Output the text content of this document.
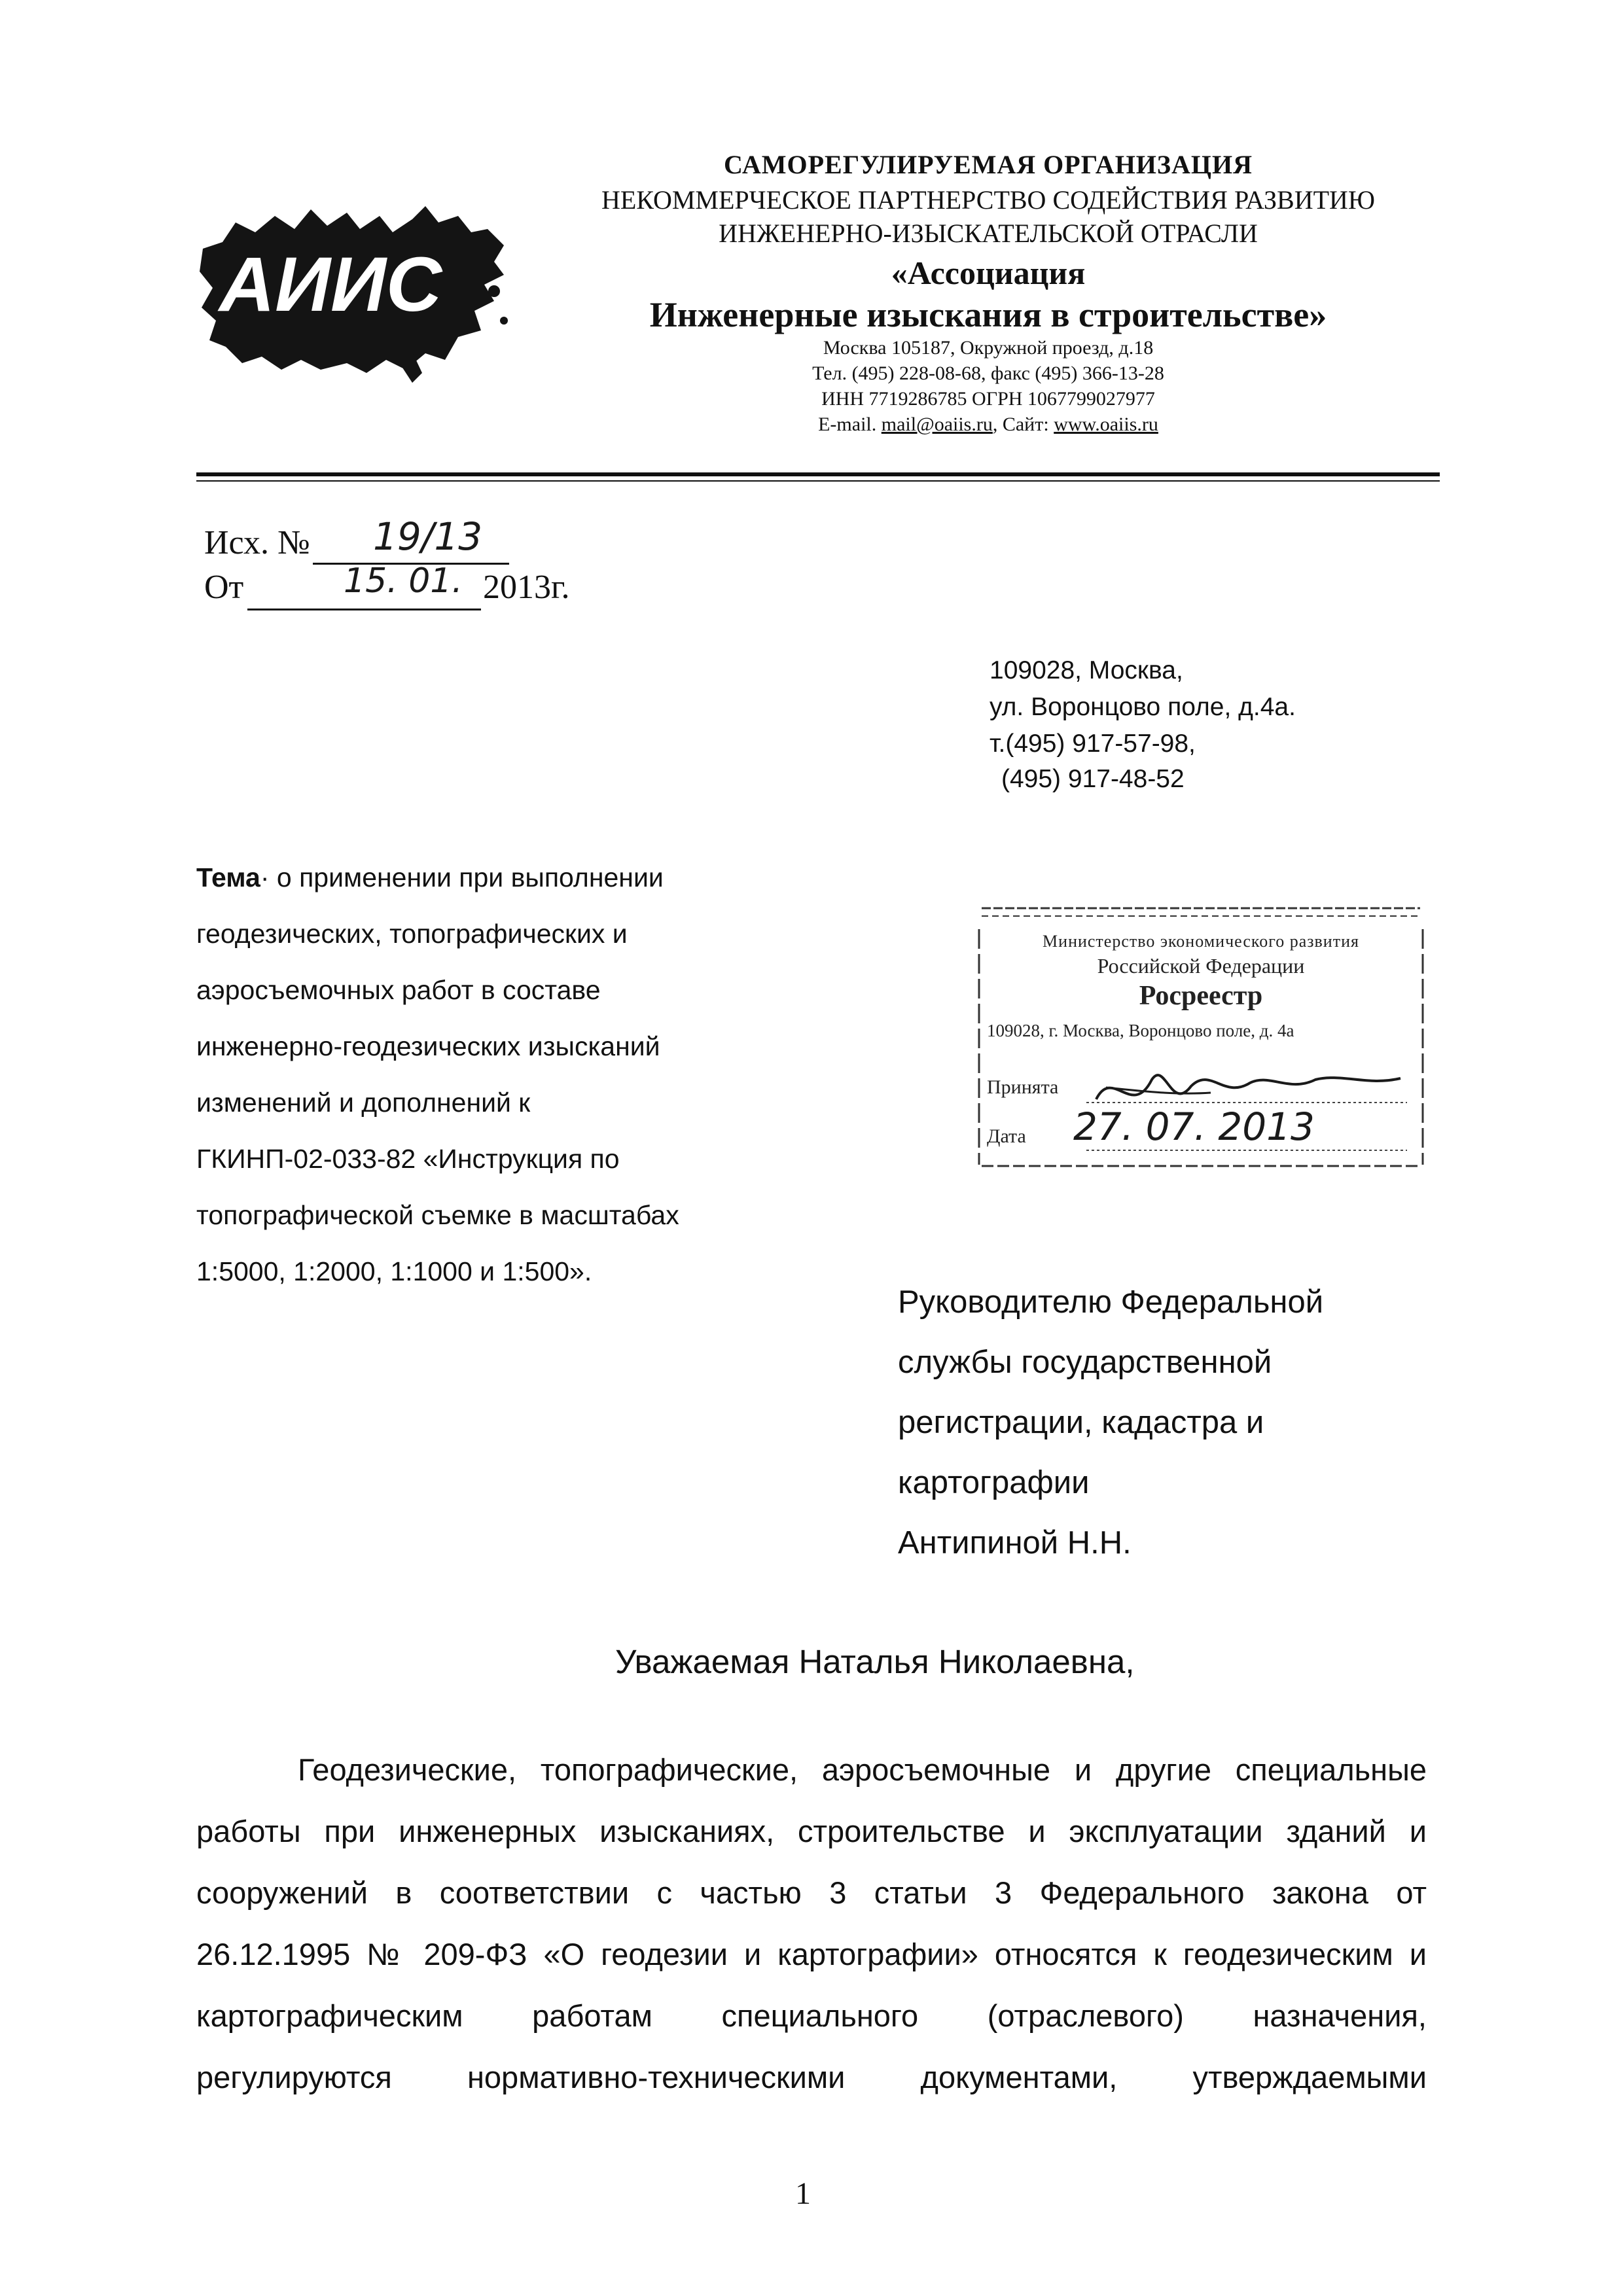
АИИС
САМОРЕГУЛИРУЕМАЯ ОРГАНИЗАЦИЯ
НЕКОММЕРЧЕСКОЕ ПАРТНЕРСТВО СОДЕЙСТВИЯ РАЗВИТИЮ
ИНЖЕНЕРНО-ИЗЫСКАТЕЛЬСКОЙ ОТРАСЛИ
«Ассоциация
Инженерные изыскания в строительстве»
Москва 105187, Окружной проезд, д.18
Тел. (495) 228-08-68, факс (495) 366-13-28
ИНН 7719286785 ОГРН 1067799027977
E-mail. mail@oaiis.ru, Сайт: www.oaiis.ru
Исх. № 19/13
От	15. 01. 2013г.
109028, Москва,
ул. Воронцово поле, д.4а.
т.(495) 917-57-98,
(495) 917-48-52
Тема· о применении при выполнении
геодезических, топографических и
аэросъемочных работ в составе
инженерно-геодезических изысканий
изменений и дополнений к
ГКИНП-02-033-82 «Инструкция по
топографической съемке в масштабах
1:5000, 1:2000, 1:1000 и 1:500».
Министерство экономического развития
Российской Федерации
Росреестр
109028, г. Москва, Воронцово поле, д. 4а
Принята
Дата 27. 07. 2013
Руководителю Федеральной
службы государственной
регистрации, кадастра и
картографии
Антипиной Н.Н.
Уважаемая Наталья Николаевна,
Геодезические, топографические, аэросъемочные и другие специальные
работы при инженерных изысканиях, строительстве и эксплуатации зданий и
сооружений в соответствии с частью 3 статьи 3 Федерального закона от
26.12.1995 № 209-ФЗ «О геодезии и картографии» относятся к геодезическим и
картографическим работам специального (отраслевого) назначения,
регулируются нормативно-техническими документами, утверждаемыми
1
